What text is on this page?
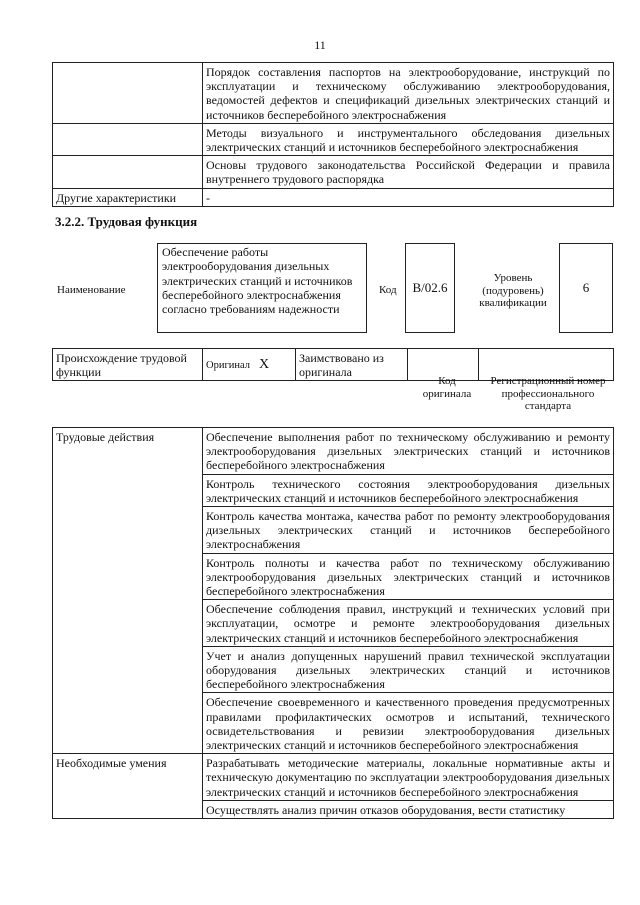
11
	Порядок составления паспортов на электрооборудование, инструкций по эксплуатации и техническому обслуживанию электрооборудования, ведомостей дефектов и спецификаций дизельных электрических станций и источников бесперебойного электроснабжения
	Методы визуального и инструментального обследования дизельных электрических станций и источников бесперебойного электроснабжения
	Основы трудового законодательства Российской Федерации и правила внутреннего трудового распорядка
Другие характеристики	-
3.2.2. Трудовая функция
Наименование
Обеспечение работы электрооборудования дизельных электрических станций и источников бесперебойного электроснабжения согласно требованиям надежности
Код B/02.6
Уровень (подуровень) квалификации
6
Происхождение трудовой функции	Оригинал X	Заимствовано из оригинала		
Код оригинала
Регистрационный номер профессионального стандарта
Трудовые действия	Обеспечение выполнения работ по техническому обслуживанию и ремонту электрооборудования дизельных электрических станций и источников бесперебойного электроснабжения
	Контроль технического состояния электрооборудования дизельных электрических станций и источников бесперебойного электроснабжения
	Контроль качества монтажа, качества работ по ремонту электрооборудования дизельных электрических станций и источников бесперебойного электроснабжения
	Контроль полноты и качества работ по техническому обслуживанию электрооборудования дизельных электрических станций и источников бесперебойного электроснабжения
	Обеспечение соблюдения правил, инструкций и технических условий при эксплуатации, осмотре и ремонте электрооборудования дизельных электрических станций и источников бесперебойного электроснабжения
	Учет и анализ допущенных нарушений правил технической эксплуатации оборудования дизельных электрических станций и источников бесперебойного электроснабжения
	Обеспечение своевременного и качественного проведения предусмотренных правилами профилактических осмотров и испытаний, технического освидетельствования и ревизии электрооборудования дизельных электрических станций и источников бесперебойного электроснабжения
Необходимые умения	Разрабатывать методические материалы, локальные нормативные акты и техническую документацию по эксплуатации электрооборудования дизельных электрических станций и источников бесперебойного электроснабжения
	Осуществлять анализ причин отказов оборудования, вести статистику
